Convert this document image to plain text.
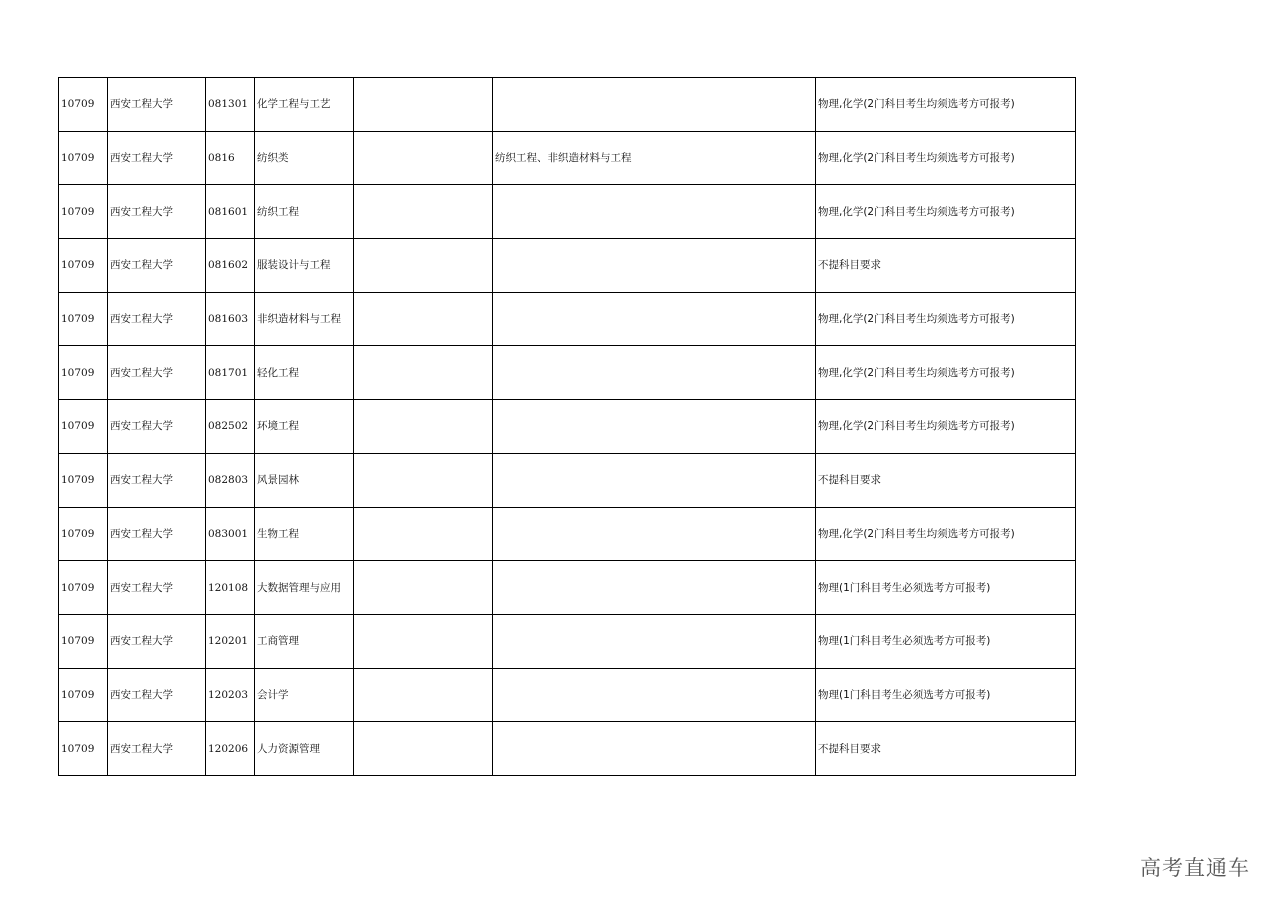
10709	西安工程大学	081301	化学工程与工艺			物理,化学(2门科目考生均须选考方可报考)
10709	西安工程大学	0816	纺织类		纺织工程、非织造材料与工程	物理,化学(2门科目考生均须选考方可报考)
10709	西安工程大学	081601	纺织工程			物理,化学(2门科目考生均须选考方可报考)
10709	西安工程大学	081602	服装设计与工程			不提科目要求
10709	西安工程大学	081603	非织造材料与工程			物理,化学(2门科目考生均须选考方可报考)
10709	西安工程大学	081701	轻化工程			物理,化学(2门科目考生均须选考方可报考)
10709	西安工程大学	082502	环境工程			物理,化学(2门科目考生均须选考方可报考)
10709	西安工程大学	082803	风景园林			不提科目要求
10709	西安工程大学	083001	生物工程			物理,化学(2门科目考生均须选考方可报考)
10709	西安工程大学	120108	大数据管理与应用			物理(1门科目考生必须选考方可报考)
10709	西安工程大学	120201	工商管理			物理(1门科目考生必须选考方可报考)
10709	西安工程大学	120203	会计学			物理(1门科目考生必须选考方可报考)
10709	西安工程大学	120206	人力资源管理			不提科目要求
高考直通车
